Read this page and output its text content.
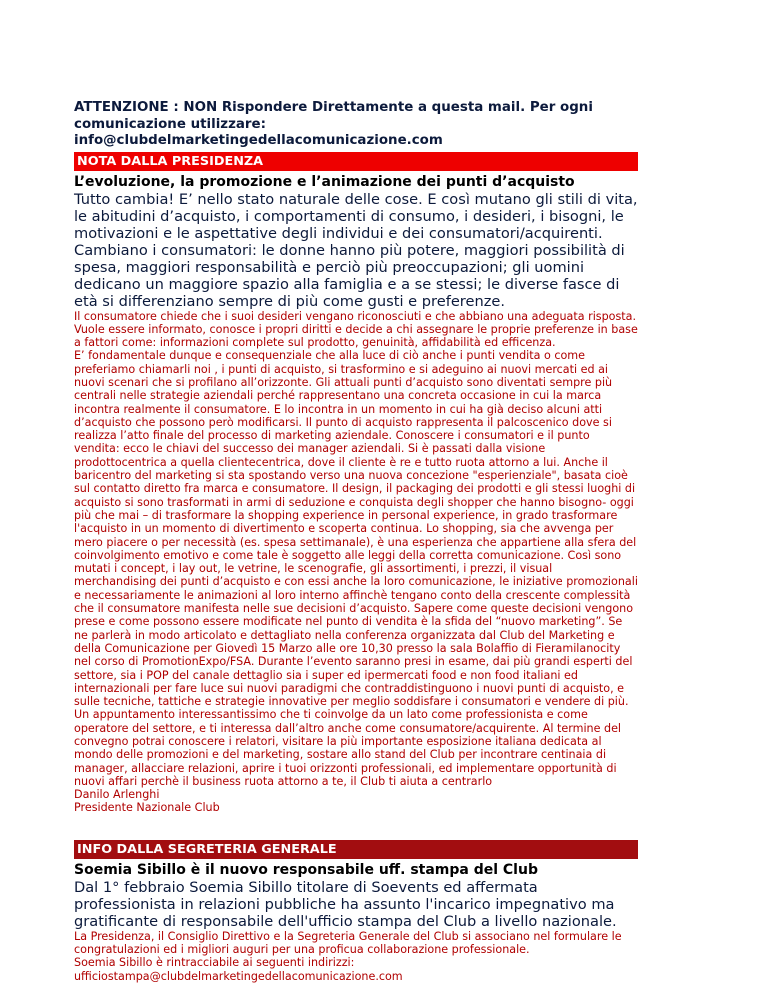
ATTENZIONE : NON Rispondere Direttamente a questa mail. Per ogni comunicazione utilizzare: info@clubdelmarketingedellacomunicazione.com

NOTA DALLA PRESIDENZA

L’evoluzione, la promozione e l’animazione dei punti d’acquisto

Tutto cambia! E’ nello stato naturale delle cose. E così mutano gli stili di vita, le abitudini d’acquisto, i comportamenti di consumo, i desideri, i bisogni, le motivazioni e le aspettative degli individui e dei consumatori/acquirenti. Cambiano i consumatori: le donne hanno più potere, maggiori possibilità di spesa, maggiori responsabilità e perciò più preoccupazioni; gli uomini dedicano un maggiore spazio alla famiglia e a se stessi; le diverse fasce di età si differenziano sempre di più come gusti e preferenze.

Il consumatore chiede che i suoi desideri vengano riconosciuti e che abbiano una adeguata risposta.

Vuole essere informato, conosce i propri diritti e decide a chi assegnare le proprie preferenze in base a fattori come: informazioni complete sul prodotto, genuinità, affidabilità ed efficenza.

E’ fondamentale dunque e consequenziale che alla luce di ciò anche i punti vendita o come preferiamo chiamarli noi , i punti di acquisto, si trasformino e si adeguino ai nuovi mercati ed ai nuovi scenari che si profilano all’orizzonte. Gli attuali punti d’acquisto sono diventati sempre più centrali nelle strategie aziendali perché rappresentano una concreta occasione in cui la marca incontra realmente il consumatore. E lo incontra in un momento in cui ha già deciso alcuni atti d’acquisto che possono però modificarsi. Il punto di acquisto rappresenta il palcoscenico dove si realizza l’atto finale del processo di marketing aziendale. Conoscere i consumatori e il punto vendita: ecco le chiavi del successo dei manager aziendali. Si è passati dalla visione prodottocentrica a quella clientecentrica, dove il cliente è re e tutto ruota attorno a lui. Anche il baricentro del marketing si sta spostando verso una nuova concezione "esperienziale", basata cioè sul contatto diretto fra marca e consumatore. Il design, il packaging dei prodotti e gli stessi luoghi di acquisto si sono trasformati in armi di seduzione e conquista degli shopper che hanno bisogno- oggi più che mai – di trasformare la shopping experience in personal experience, in grado trasformare l'acquisto in un momento di divertimento e scoperta continua. Lo shopping, sia che avvenga per mero piacere o per necessità (es. spesa settimanale), è una esperienza che appartiene alla sfera del coinvolgimento emotivo e come tale è soggetto alle leggi della corretta comunicazione. Così sono mutati i concept, i lay out, le vetrine, le scenografie, gli assortimenti, i prezzi, il visual merchandising dei punti d’acquisto e con essi anche la loro comunicazione, le iniziative promozionali e necessariamente le animazioni al loro interno affinchè tengano conto della crescente complessità che il consumatore manifesta nelle sue decisioni d’acquisto. Sapere come queste decisioni vengono prese e come possono essere modificate nel punto di vendita è la sfida del “nuovo marketing”. Se ne parlerà in modo articolato e dettagliato nella conferenza organizzata dal Club del Marketing e della Comunicazione per Giovedì 15 Marzo alle ore 10,30 presso la sala Bolaffio di Fieramilanocity nel corso di PromotionExpo/FSA. Durante l’evento saranno presi in esame, dai più grandi esperti del settore, sia i POP del canale dettaglio sia i super ed ipermercati food e non food italiani ed internazionali per fare luce sui nuovi paradigmi che contraddistinguono i nuovi punti di acquisto, e sulle tecniche, tattiche e strategie innovative per meglio soddisfare i consumatori e vendere di più.

Un appuntamento interessantissimo che ti coinvolge da un lato come professionista e come operatore del settore, e ti interessa dall’altro anche come consumatore/acquirente. Al termine del convegno potrai conoscere i relatori, visitare la più importante esposizione italiana dedicata al mondo delle promozioni e del marketing, sostare allo stand del Club per incontrare centinaia di manager, allacciare relazioni, aprire i tuoi orizzonti professionali, ed implementare opportunità di nuovi affari perchè il business ruota attorno a te, il Club ti aiuta a centrarlo

Danilo Arlenghi

Presidente Nazionale Club

INFO DALLA SEGRETERIA GENERALE

Soemia Sibillo è il nuovo responsabile uff. stampa del Club

Dal 1° febbraio Soemia Sibillo titolare di Soevents ed affermata professionista in relazioni pubbliche ha assunto l'incarico impegnativo ma gratificante di responsabile dell'ufficio stampa del Club a livello nazionale.

La Presidenza, il Consiglio Direttivo e la Segreteria Generale del Club si associano nel formulare le congratulazioni ed i migliori auguri per una proficua collaborazione professionale.

Soemia Sibillo è rintracciabile ai seguenti indirizzi:

ufficiostampa@clubdelmarketingedellacomunicazione.com
